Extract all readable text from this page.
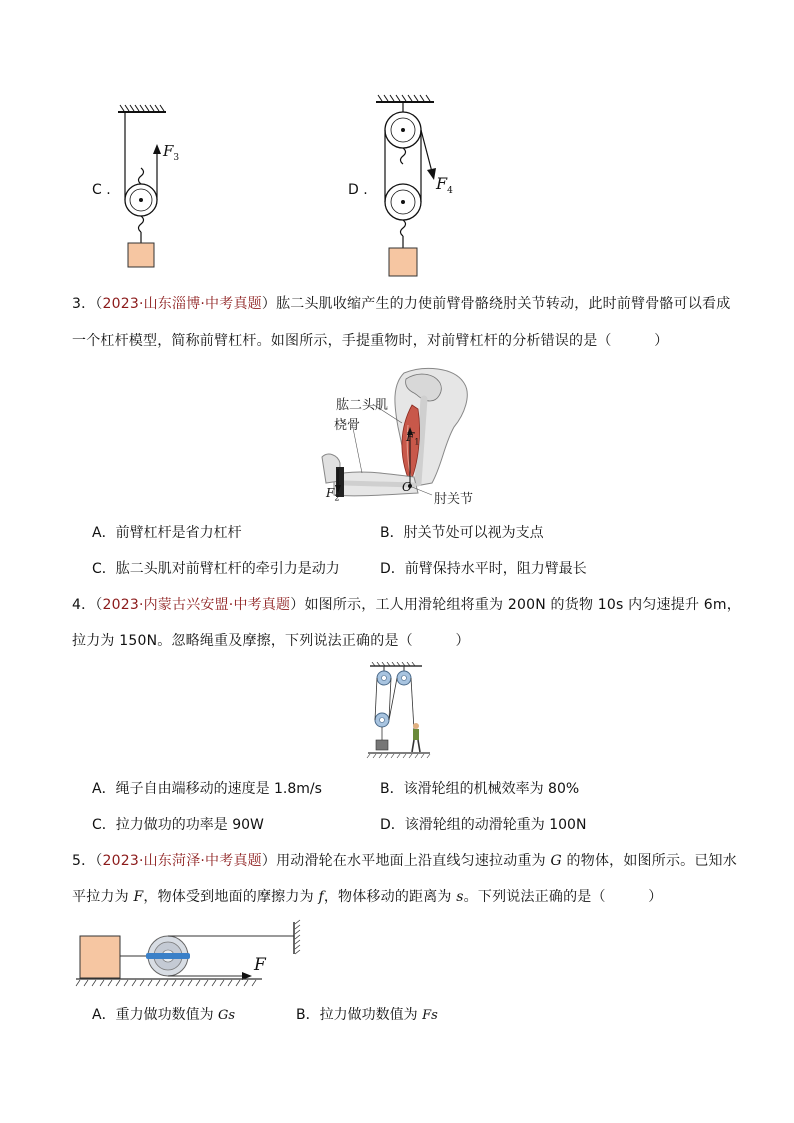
C .
$F_3$
D .	$F_4$
3．（2023·山东淄博·中考真题）肱二头肌收缩产生的力使前臂骨骼绕肘关节转动，此时前臂骨骼可以看成
一个杠杆模型，简称前臂杠杆。如图所示，手提重物时，对前臂杠杆的分析错误的是（　　　）
肱二头肌
桡骨
肘关节
$F_1$
$F_2$
O
A．前臂杠杆是省力杠杆	B．肘关节处可以视为支点
C．肱二头肌对前臂杠杆的牵引力是动力	D．前臂保持水平时，阻力臂最长
4．（2023·内蒙古兴安盟·中考真题）如图所示，工人用滑轮组将重为 200N 的货物 10s 内匀速提升 6m，
拉力为 150N。忽略绳重及摩擦，下列说法正确的是（　　　）
A．绳子自由端移动的速度是 1.8m/s	B．该滑轮组的机械效率为 80%
C．拉力做功的功率是 90W	D．该滑轮组的动滑轮重为 100N
5．（2023·山东菏泽·中考真题）用动滑轮在水平地面上沿直线匀速拉动重为 G 的物体，如图所示。已知水
平拉力为 F，物体受到地面的摩擦力为 f，物体移动的距离为 s。下列说法正确的是（　　　）
F
A．重力做功数值为 Gs	B．拉力做功数值为 Fs
